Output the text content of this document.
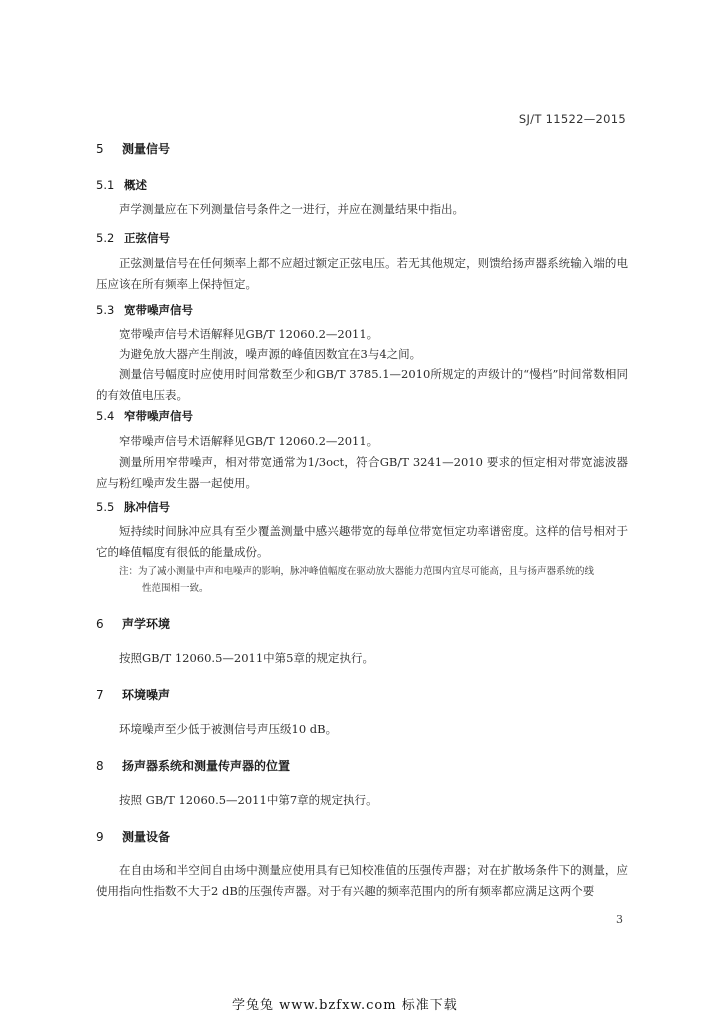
SJ/T 11522—2015
5 测量信号
5.1 概述

声学测量应在下列测量信号条件之一进行，并应在测量结果中指出。

5.2 正弦信号

正弦测量信号在任何频率上都不应超过额定正弦电压。若无其他规定，则馈给扬声器系统输入端的电压应该在所有频率上保持恒定。

5.3 宽带噪声信号
宽带噪声信号术语解释见GB/T 12060.2—2011。
为避免放大器产生削波，噪声源的峰值因数宜在3与4之间。

测量信号幅度时应使用时间常数至少和GB/T 3785.1—2010所规定的声级计的“慢档”时间常数相同的有效值电压表。

5.4 窄带噪声信号
窄带噪声信号术语解释见GB/T 12060.2—2011。

测量所用窄带噪声，相对带宽通常为1/3oct，符合GB/T 3241—2010 要求的恒定相对带宽滤波器应与粉红噪声发生器一起使用。

5.5 脉冲信号

短持续时间脉冲应具有至少覆盖测量中感兴趣带宽的每单位带宽恒定功率谱密度。这样的信号相对于它的峰值幅度有很低的能量成份。

注：为了减小测量中声和电噪声的影响，脉冲峰值幅度在驱动放大器能力范围内宜尽可能高，且与扬声器系统的线
性范围相一致。
6 声学环境
按照GB/T 12060.5—2011中第5章的规定执行。
7 环境噪声
环境噪声至少低于被测信号声压级10 dB。
8 扬声器系统和测量传声器的位置
按照 GB/T 12060.5—2011中第7章的规定执行。
9 测量设备

在自由场和半空间自由场中测量应使用具有已知校准值的压强传声器；对在扩散场条件下的测量，应使用指向性指数不大于2 dB的压强传声器。对于有兴趣的频率范围内的所有频率都应满足这两个要

3
学兔兔 www.bzfxw.com 标准下载
